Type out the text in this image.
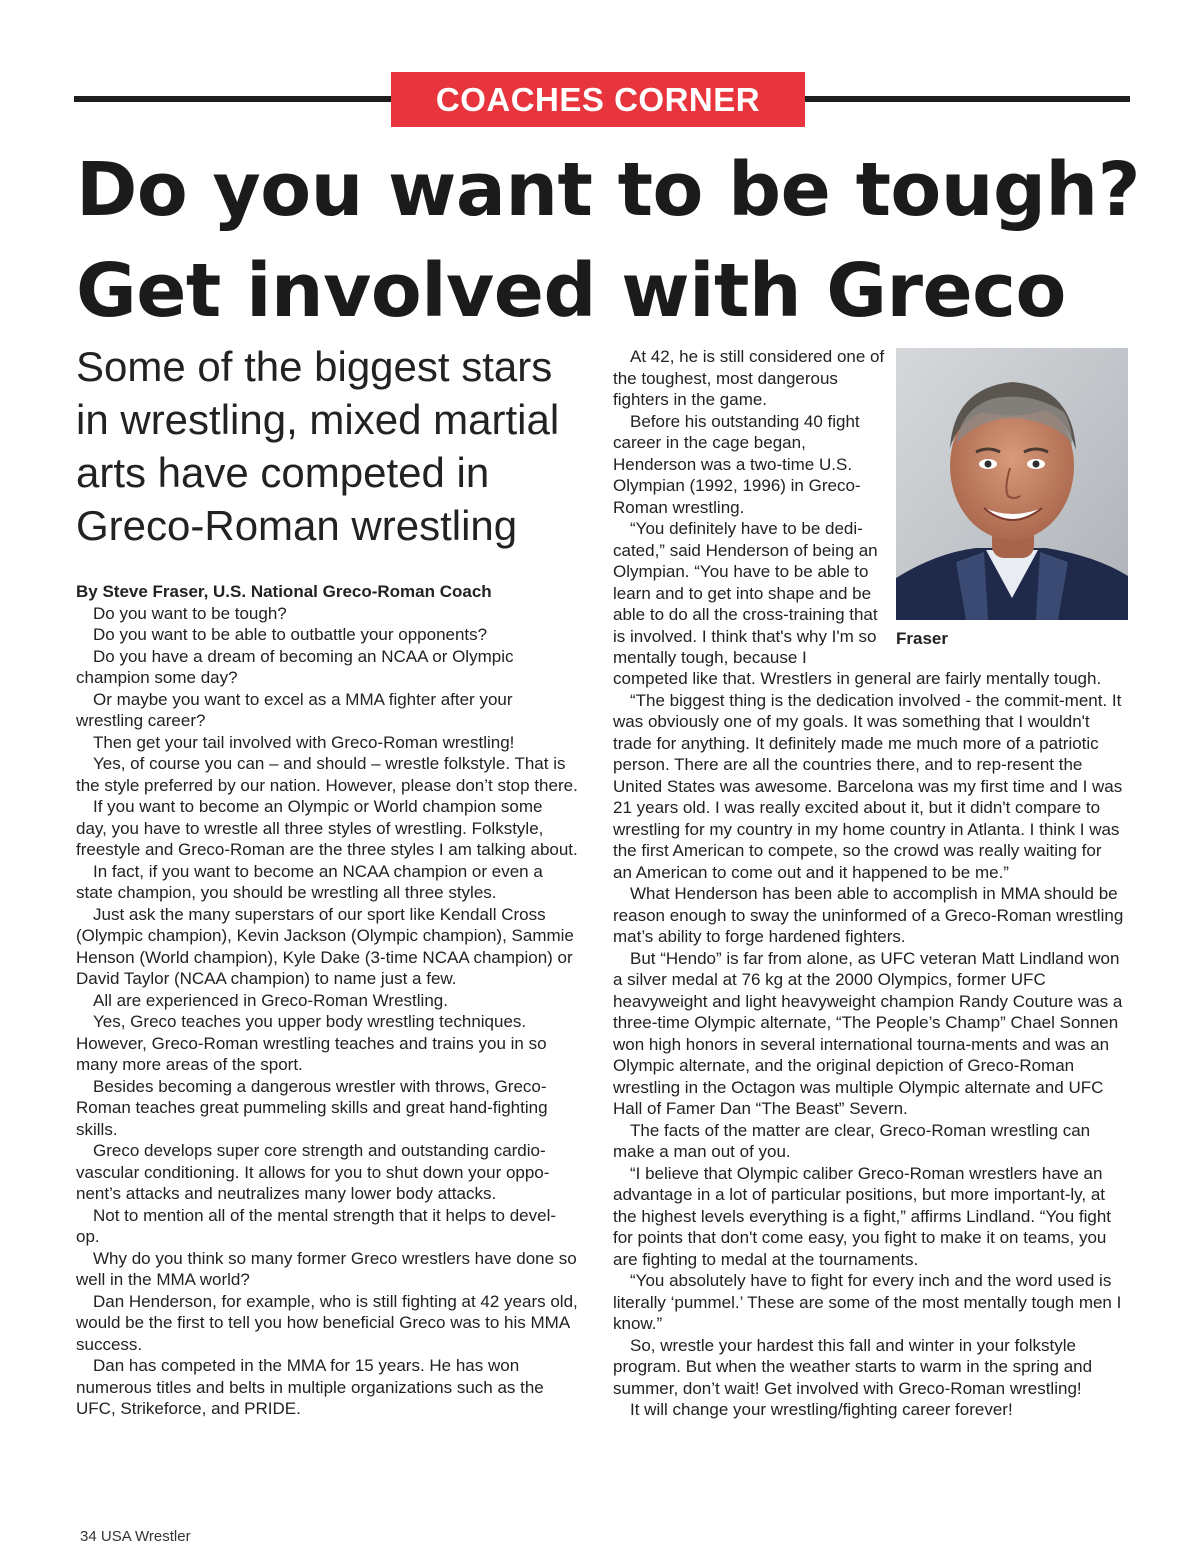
COACHES CORNER
Do you want to be tough?
Get involved with Greco
Some of the biggest stars
in wrestling, mixed martial
arts have competed in
Greco-Roman wrestling

By Steve Fraser, U.S. National Greco-Roman Coach

Do you want to be tough?

Do you want to be able to outbattle your opponents?

Do you have a dream of becoming an NCAA or Olympic champion some day?

Or maybe you want to excel as a MMA fighter after your wrestling career?

Then get your tail involved with Greco-Roman wrestling!

Yes, of course you can – and should – wrestle folkstyle. That is the style preferred by our nation. However, please don’t stop there.

If you want to become an Olympic or World champion some day, you have to wrestle all three styles of wrestling. Folkstyle, freestyle and Greco-Roman are the three styles I am talking about.

In fact, if you want to become an NCAA champion or even a state champion, you should be wrestling all three styles.

Just ask the many superstars of our sport like Kendall Cross (Olympic champion), Kevin Jackson (Olympic champion), Sammie Henson (World champion), Kyle Dake (3-time NCAA champion) or David Taylor (NCAA champion) to name just a few.

All are experienced in Greco-Roman Wrestling.

Yes, Greco teaches you upper body wrestling techniques. However, Greco-Roman wrestling teaches and trains you in so many more areas of the sport.

Besides becoming a dangerous wrestler with throws, Greco-Roman teaches great pummeling skills and great hand-fighting skills.

Greco develops super core strength and outstanding cardio-vascular conditioning. It allows for you to shut down your oppo-nent’s attacks and neutralizes many lower body attacks.

Not to mention all of the mental strength that it helps to devel-op.

Why do you think so many former Greco wrestlers have done so well in the MMA world?

Dan Henderson, for example, who is still fighting at 42 years old, would be the first to tell you how beneficial Greco was to his MMA success.

Dan has competed in the MMA for 15 years. He has won numerous titles and belts in multiple organizations such as the UFC, Strikeforce, and PRIDE.

At 42, he is still considered one of the toughest, most dangerous fighters in the game.

Before his outstanding 40 fight career in the cage began, Henderson was a two-time U.S. Olympian (1992, 1996) in Greco-Roman wrestling.

“You definitely have to be dedi-cated,” said Henderson of being an Olympian. “You have to be able to learn and to get into shape and be able to do all the cross-training that is involved. I think that's why I'm so mentally tough, because I

Fraser

competed like that. Wrestlers in general are fairly mentally tough.

“The biggest thing is the dedication involved - the commit-ment. It was obviously one of my goals. It was something that I wouldn't trade for anything. It definitely made me much more of a patriotic person. There are all the countries there, and to rep-resent the United States was awesome. Barcelona was my first time and I was 21 years old. I was really excited about it, but it didn't compare to wrestling for my country in my home country in Atlanta. I think I was the first American to compete, so the crowd was really waiting for an American to come out and it happened to be me.”

What Henderson has been able to accomplish in MMA should be reason enough to sway the uninformed of a Greco-Roman wrestling mat’s ability to forge hardened fighters.

But “Hendo” is far from alone, as UFC veteran Matt Lindland won a silver medal at 76 kg at the 2000 Olympics, former UFC heavyweight and light heavyweight champion Randy Couture was a three-time Olympic alternate, “The People’s Champ” Chael Sonnen won high honors in several international tourna-ments and was an Olympic alternate, and the original depiction of Greco-Roman wrestling in the Octagon was multiple Olympic alternate and UFC Hall of Famer Dan “The Beast” Severn.

The facts of the matter are clear, Greco-Roman wrestling can make a man out of you.

“I believe that Olympic caliber Greco-Roman wrestlers have an advantage in a lot of particular positions, but more important-ly, at the highest levels everything is a fight,” affirms Lindland. “You fight for points that don't come easy, you fight to make it on teams, you are fighting to medal at the tournaments.

“You absolutely have to fight for every inch and the word used is literally ‘pummel.’ These are some of the most mentally tough men I know.”

So, wrestle your hardest this fall and winter in your folkstyle program. But when the weather starts to warm in the spring and summer, don’t wait! Get involved with Greco-Roman wrestling!

It will change your wrestling/fighting career forever!

34 USA Wrestler
